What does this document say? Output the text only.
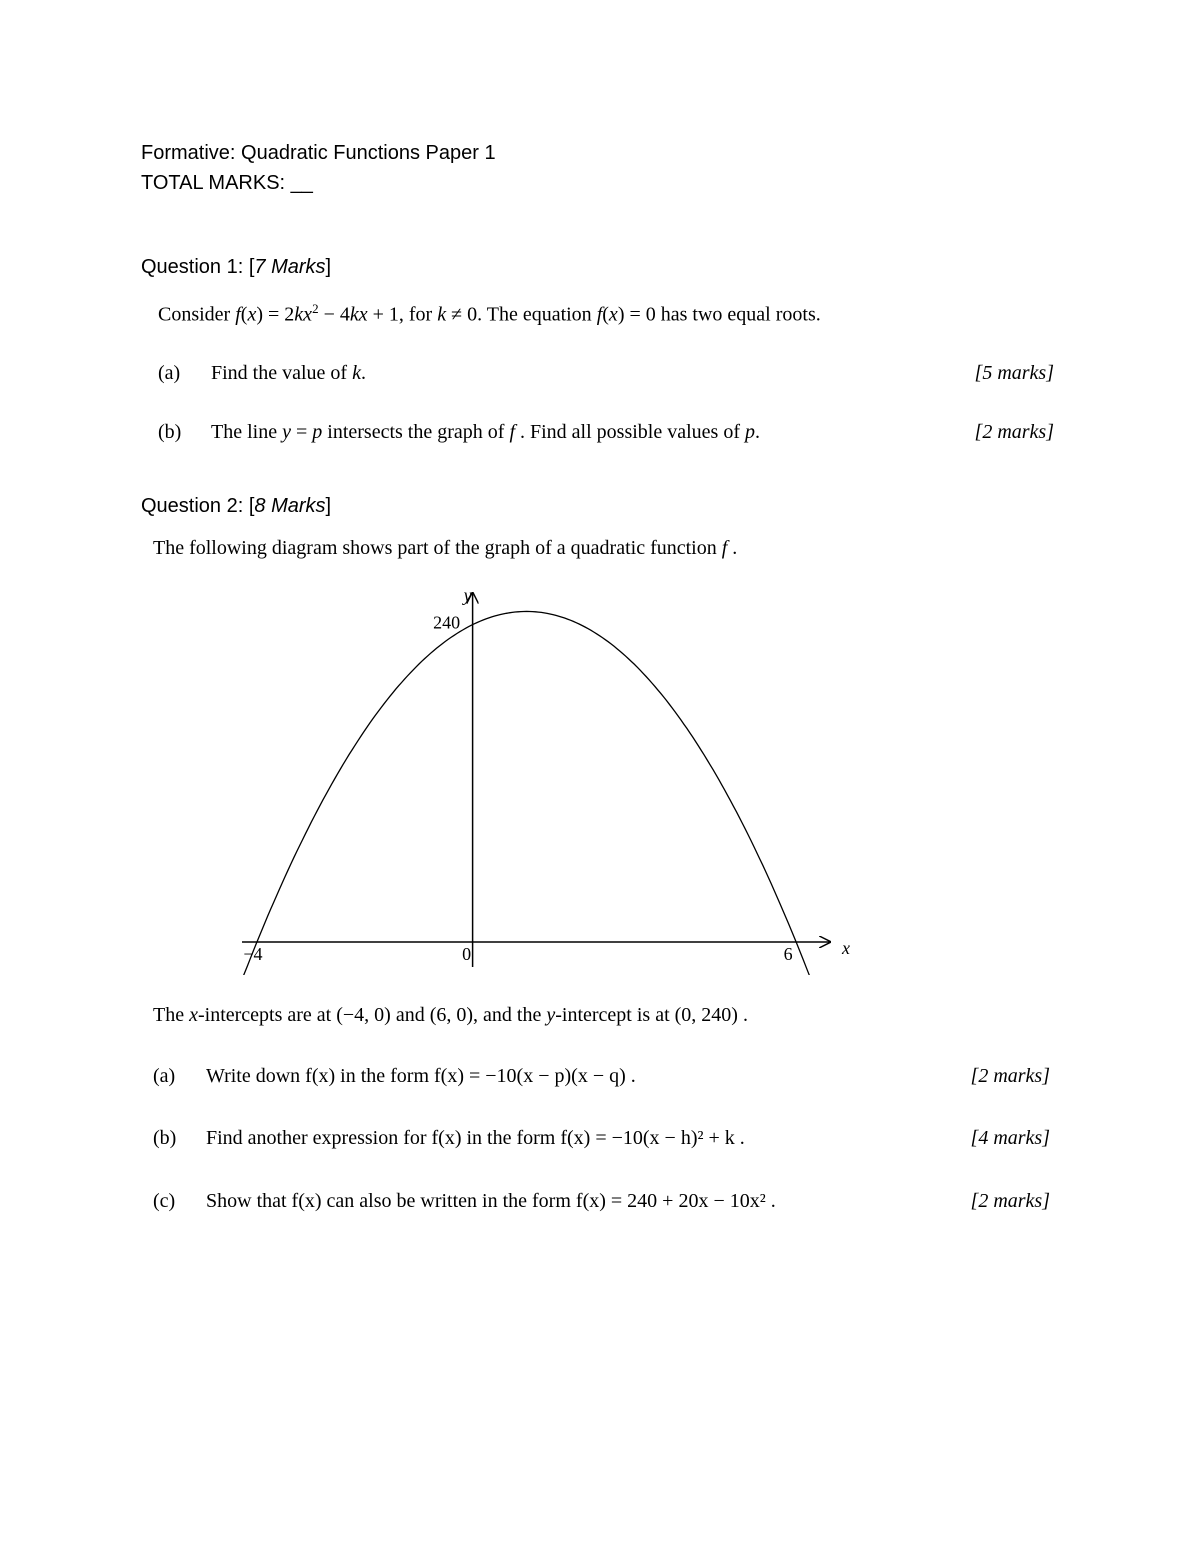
Formative: Quadratic Functions Paper 1
TOTAL MARKS: __
Question 1: [7 Marks]
Consider $f(x) = 2kx^2 - 4kx + 1$, for k ≠ 0. The equation f(x) = 0 has two equal roots.
(a) Find the value of k.	[5 marks]
(b) The line y = p intersects the graph of f . Find all possible values of p.	[2 marks]
Question 2: [8 Marks]
The following diagram shows part of the graph of a quadratic function f .
y
x
240
−4	0	6
The x-intercepts are at (−4, 0) and (6, 0), and the y-intercept is at (0, 240) .
(a) Write down f(x) in the form f(x) = −10(x − p)(x − q) .	[2 marks]
(b) Find another expression for f(x) in the form f(x) = −10(x − h)² + k .	[4 marks]
(c) Show that f(x) can also be written in the form f(x) = 240 + 20x − 10x² .	[2 marks]
